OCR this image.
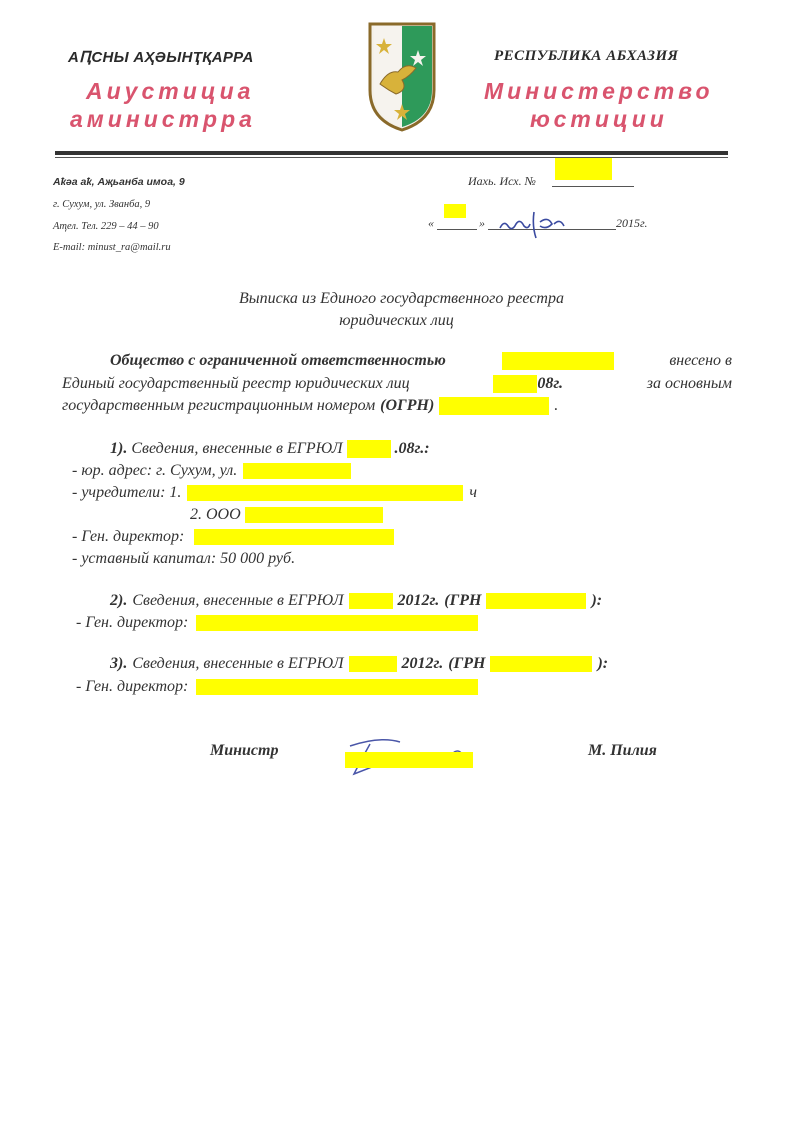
АԤСНЫ АҲӘЫНҬҚАРРА
Аиустициа
аминистрра
РЕСПУБЛИКА АБХАЗИЯ
Министерство
юстиции
Аҟәа аҟ, Аҗьанба имоа, 9
г. Сухум, ул. Званба, 9
Аҭел. Тел. 229 – 44 – 90
E-mail: minust_ra@mail.ru
Иахь. Исх. №
«	»	2015г.
Выписка из Единого государственного реестра
юридических лиц
Общество с ограниченной ответственностью	внесено в
Единый государственный реестр юридических лиц	08г.	за основным
государственным регистрационным номером (ОГРН)	.
1). Сведения, внесенные в ЕГРЮЛ	.08г.:
- юр. адрес: г. Сухум, ул.
- учредители: 1.	ч
2. ООО
- Ген. директор:
- уставный капитал: 50 000 руб.
2). Сведения, внесенные в ЕГРЮЛ	2012г. (ГРН	):
- Ген. директор:
3). Сведения, внесенные в ЕГРЮЛ	2012г. (ГРН	):
- Ген. директор:
Министр	М. Пилия
